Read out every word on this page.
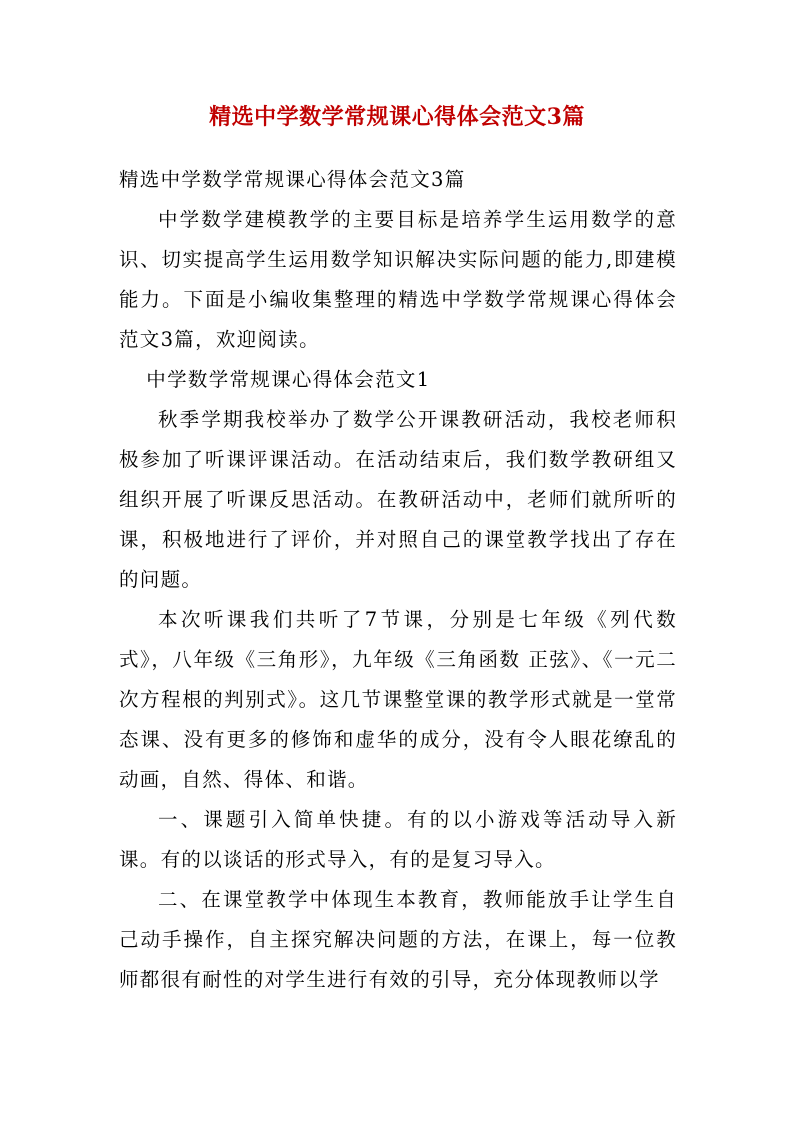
精选中学数学常规课心得体会范文3篇

精选中学数学常规课心得体会范文3篇

中学数学建模教学的主要目标是培养学生运用数学的意识、切实提高学生运用数学知识解决实际问题的能力,即建模能力。下面是小编收集整理的精选中学数学常规课心得体会范文3篇，欢迎阅读。

中学数学常规课心得体会范文1

秋季学期我校举办了数学公开课教研活动，我校老师积极参加了听课评课活动。在活动结束后，我们数学教研组又组织开展了听课反思活动。在教研活动中，老师们就所听的课，积极地进行了评价，并对照自己的课堂教学找出了存在的问题。

本次听课我们共听了7节课，分别是七年级《列代数式》，八年级《三角形》，九年级《三角函数 正弦》、《一元二次方程根的判别式》。这几节课整堂课的教学形式就是一堂常态课、没有更多的修饰和虚华的成分，没有令人眼花缭乱的动画，自然、得体、和谐。

一、课题引入简单快捷。有的以小游戏等活动导入新课。有的以谈话的形式导入，有的是复习导入。

二、在课堂教学中体现生本教育，教师能放手让学生自己动手操作，自主探究解决问题的方法，在课上，每一位教师都很有耐性的对学生进行有效的引导，充分体现教师以学
